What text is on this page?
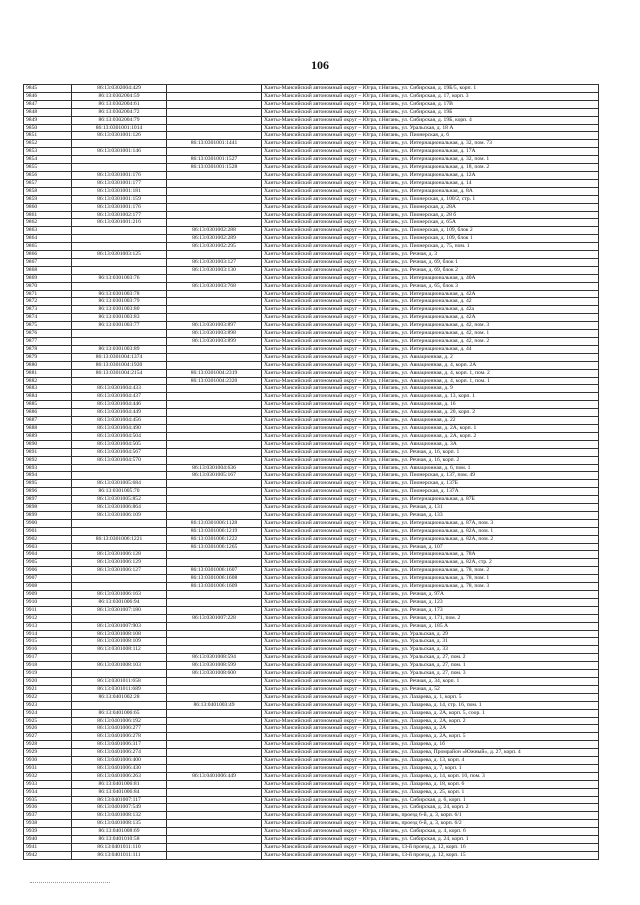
106
9845	86:13:0302004:429		Ханты-Мансийский автономный округ – Югра, г.Нягань, ул. Сибирская, д. 19Б/5, корп. 1
9846	86:13:0302004:59		Ханты-Мансийский автономный округ – Югра, г.Нягань, ул. Сибирская, д. 17, корп. 3
9847	86:13:0302004:61		Ханты-Мансийский автономный округ – Югра, г.Нягань, ул. Сибирская, д. 17В
9848	86:13:0302004:72		Ханты-Мансийский автономный округ – Югра, г.Нягань, ул. Сибирская, д. 19Б
9849	86:13:0302004:79		Ханты-Мансийский автономный округ – Югра, г.Нягань, ул. Сибирская, д. 19Б, корп. 4
9850	86:13:0301001:1014		Ханты-Мансийский автономный округ – Югра, г.Нягань, ул. Уральская, д. 18 А
9851	86:13:0301001:126		Ханты-Мансийский автономный округ – Югра, г.Нягань, ул. Пионерская, д. 6
9852		86:13:0301001:1441	Ханты-Мансийский автономный округ – Югра, г.Нягань, ул. Интернациональная, д. 32, пом. 73
9853	86:13:0301001:146		Ханты-Мансийский автономный округ – Югра, г.Нягань, ул. Интернациональная, д. 17А
9854		86:13:0301001:1527	Ханты-Мансийский автономный округ – Югра, г.Нягань, ул. Интернациональная, д. 32, пом. 1
9855		86:13:0301001:1528	Ханты-Мансийский автономный округ – Югра, г.Нягань, ул. Интернациональная, д. 18, пом. 2
9856	86:13:0301001:176		Ханты-Мансийский автономный округ – Югра, г.Нягань, ул. Интернациональная, д. 12А
9857	86:13:0301001:177		Ханты-Мансийский автономный округ – Югра, г.Нягань, ул. Интернациональная, д. 14
9858	86:13:0301001:181		Ханты-Мансийский автономный округ – Югра, г.Нягань, ул. Интернациональная, д. 8А
9859	86:13:0301001:159		Ханты-Мансийский автономный округ – Югра, г.Нягань, ул. Пионерская, д. 100/2, стр. 1
9860	86:13:0301001:176		Ханты-Мансийский автономный округ – Югра, г.Нягань, ул. Пионерская, д. 28А
9861	86:13:0301002:177		Ханты-Мансийский автономный округ – Югра, г.Нягань, ул. Пионерская, д. 28 б
9862	86:13:0301001:216		Ханты-Мансийский автономный округ – Югра, г.Нягань, ул. Пионерская, д. 65А
9863		86:13:0301002:288	Ханты-Мансийский автономный округ – Югра, г.Нягань, ул. Пионерская, д. 109, блок 2
9864		86:13:0301002:289	Ханты-Мансийский автономный округ – Югра, г.Нягань, ул. Пионерская, д. 109, блок 1
9865		86:13:0301002:295	Ханты-Мансийский автономный округ – Югра, г.Нягань, ул. Пионерская, д. 75, пом. 1
9866	86:13:0301003:125		Ханты-Мансийский автономный округ – Югра, г.Нягань, ул. Речная, д. 3
9867		86:13:0301003:127	Ханты-Мансийский автономный округ – Югра, г.Нягань, ул. Речная, д. 69, блок 1
9868		86:13:0301003:130	Ханты-Мансийский автономный округ – Югра, г.Нягань, ул. Речная, д. 69, блок 2
9869	86:13:0301003:76		Ханты-Мансийский автономный округ – Югра, г.Нягань, ул. Интернациональная, д. 40А
9870		86:13:0301003:768	Ханты-Мансийский автономный округ – Югра, г.Нягань, ул. Речная, д. 65, блок 3
9871	86:13:0301003:78		Ханты-Мансийский автономный округ – Югра, г.Нягань, ул. Интернациональная, д. 42А
9872	86:13:0301003:79		Ханты-Мансийский автономный округ – Югра, г.Нягань, ул. Интернациональная, д. 42
9873	86:13:0301003:80		Ханты-Мансийский автономный округ – Югра, г.Нягань, ул. Интернациональная, д. 42а
9874	86:13:0301003:83		Ханты-Мансийский автономный округ – Югра, г.Нягань, ул. Интернациональная, д. 42А
9875	86:13:0301003:77	86:13:0301003:897	Ханты-Мансийский автономный округ – Югра, г.Нягань, ул. Интернациональная, д. 42, пом. 3
9876		86:13:0301003:898	Ханты-Мансийский автономный округ – Югра, г.Нягань, ул. Интернациональная, д. 42, пом. 1
9877		86:13:0301003:899	Ханты-Мансийский автономный округ – Югра, г.Нягань, ул. Интернациональная, д. 42, пом. 2
9878	86:13:0301003:89		Ханты-Мансийский автономный округ – Югра, г.Нягань, ул. Интернациональная, д. 44
9879	86:13:0301004:1374		Ханты-Мансийский автономный округ – Югра, г.Нягань, ул. Авиационная, д. 2
9880	86:13:0301004:1920		Ханты-Мансийский автономный округ – Югра, г.Нягань, ул. Авиационная, д. 4, корп. 2А
9881	86:13:0301004:2154	86:13:0301004:2319	Ханты-Мансийский автономный округ – Югра, г.Нягань, ул. Авиационная, д. 4, корп. 1, пом. 2
9882		86:13:0301004:2320	Ханты-Мансийский автономный округ – Югра, г.Нягань, ул. Авиационная, д. 4, корп. 1, пом. 1
9883	86:13:0301004:433		Ханты-Мансийский автономный округ – Югра, г.Нягань, ул. Авиационная, д. 9
9884	86:13:0301004:437		Ханты-Мансийский автономный округ – Югра, г.Нягань, ул. Авиационная, д. 13, корп. 1
9885	86:13:0301004:446		Ханты-Мансийский автономный округ – Югра, г.Нягань, ул. Авиационная, д. 16
9886	86:13:0301004:449		Ханты-Мансийский автономный округ – Югра, г.Нягань, ул. Авиационная, д. 20, корп. 2
9887	86:13:0301004:456		Ханты-Мансийский автономный округ – Югра, г.Нягань, ул. Авиационная, д. 22
9888	86:13:0301004:490		Ханты-Мансийский автономный округ – Югра, г.Нягань, ул. Авиационная, д. 2А, корп. 1
9889	86:13:0301004:504		Ханты-Мансийский автономный округ – Югра, г.Нягань, ул. Авиационная, д. 2А, корп. 2
9890	86:13:0301004:505		Ханты-Мансийский автономный округ – Югра, г.Нягань, ул. Авиационная, д. 3А
9891	86:13:0301004:567		Ханты-Мансийский автономный округ – Югра, г.Нягань, ул. Речная, д. 16, корп. 1
9892	86:13:0301004:570		Ханты-Мансийский автономный округ – Югра, г.Нягань, ул. Речная, д. 16, корп. 2
9893		86:13:0301004:636	Ханты-Мансийский автономный округ – Югра, г.Нягань, ул. Авиационная, д. 6, пом. 1
9894		86:13:0301005:167	Ханты-Мансийский автономный округ – Югра, г.Нягань, ул. Пионерская, д. 137, пом. 49
9895	86:13:0301005:684		Ханты-Мансийский автономный округ – Югра, г.Нягань, ул. Пионерская, д. 137Б
9896	86:13:0301005:70		Ханты-Мансийский автономный округ – Югра, г.Нягань, ул. Пионерская, д. 137А
9897	86:13:0301005:852		Ханты-Мансийский автономный округ – Югра, г.Нягань, ул. Интернациональная, д. 87Б
9898	86:13:0301006:864		Ханты-Мансийский автономный округ – Югра, г.Нягань, ул. Речная, д. 131
9899	86:13:0301006:109		Ханты-Мансийский автономный округ – Югра, г.Нягань, ул. Речная, д. 133
9900		86:13:0301006:1128	Ханты-Мансийский автономный округ – Югра, г.Нягань, ул. Интернациональная, д. 87А, пом. 3
9901		86:13:0301006:1219	Ханты-Мансийский автономный округ – Югра, г.Нягань, ул. Интернациональная, д. 82А, пом. 1
9902	86:13:0301006:1221	86:13:0301006:1222	Ханты-Мансийский автономный округ – Югра, г.Нягань, ул. Интернациональная, д. 82А, пом. 2
9903		86:13:0301006:1265	Ханты-Мансийский автономный округ – Югра, г.Нягань, ул. Речная, д. 107
9904	86:13:0301006:128		Ханты-Мансийский автономный округ – Югра, г.Нягань, ул. Интернациональная, д. 78А
9905	86:13:0301006:129		Ханты-Мансийский автономный округ – Югра, г.Нягань, ул. Интернациональная, д. 82А, стр. 2
9906	86:13:0301006:127	86:13:0301006:1607	Ханты-Мансийский автономный округ – Югра, г.Нягань, ул. Интернациональная, д. 78, пом. 2
9907		86:13:0301006:1608	Ханты-Мансийский автономный округ – Югра, г.Нягань, ул. Интернациональная, д. 78, пом. 1
9908		86:13:0301006:1609	Ханты-Мансийский автономный округ – Югра, г.Нягань, ул. Интернациональная, д. 78, пом. 3
9909	86:13:0301006:163		Ханты-Мансийский автономный округ – Югра, г.Нягань, ул. Речная, д. 97А
9910	86:13:0301006:94		Ханты-Мансийский автономный округ – Югра, г.Нягань, ул. Речная, д. 123
9911	86:13:0301007:180		Ханты-Мансийский автономный округ – Югра, г.Нягань, ул. Речная, д. 173
9912		86:13:0301007:228	Ханты-Мансийский автономный округ – Югра, г.Нягань, ул. Речная, д. 171, пом. 2
9913	86:13:0301007:903		Ханты-Мансийский автономный округ – Югра, г.Нягань, ул. Речная, д. 185 А
9914	86:13:0301008:108		Ханты-Мансийский автономный округ – Югра, г.Нягань, ул. Уральская, д. 29
9915	86:13:0301008:109		Ханты-Мансийский автономный округ – Югра, г.Нягань, ул. Уральская, д. 31
9916	86:13:0301008:112		Ханты-Мансийский автономный округ – Югра, г.Нягань, ул. Уральская, д. 33
9917		86:13:0301008:594	Ханты-Мансийский автономный округ – Югра, г.Нягань, ул. Уральская, д. 27, пом. 2
9918	86:13:0301008:103	86:13:0301008:599	Ханты-Мансийский автономный округ – Югра, г.Нягань, ул. Уральская, д. 27, пом. 1
9919		86:13:0301008:600	Ханты-Мансийский автономный округ – Югра, г.Нягань, ул. Уральская, д. 27, пом. 3
9920	86:13:0301011:658		Ханты-Мансийский автономный округ – Югра, г.Нягань, ул. Речная, д. 34, корп. 1
9921	86:13:0301011:689		Ханты-Мансийский автономный округ – Югра, г.Нягань, ул. Речная, д. 52
9922	86:13:0401002:28		Ханты-Мансийский автономный округ – Югра, г.Нягань, ул. Лазарева, д. 1, корп. 5
9923		86:13:0401003:49	Ханты-Мансийский автономный округ – Югра, г.Нягань, ул. Лазарева, д. 14, стр. 16, пом. 1
9924	86:13:0401006:65		Ханты-Мансийский автономный округ – Югра, г.Нягань, ул. Лазарева, д. 2А, корп. 5, соор. 1
9925	86:13:0401006:192		Ханты-Мансийский автономный округ – Югра, г.Нягань, ул. Лазарева, д. 2А, корп. 2
9926	86:13:0401006:277		Ханты-Мансийский автономный округ – Югра, г.Нягань, ул. Лазарева, д. 2А
9927	86:13:0401006:278		Ханты-Мансийский автономный округ – Югра, г.Нягань, ул. Лазарева, д. 2А, корп. 5
9928	86:13:0401006:317		Ханты-Мансийский автономный округ – Югра, г.Нягань, ул. Лазарева, д. 1б
9929	86:13:0401006:274		Ханты-Мансийский автономный округ – Югра, г.Нягань, ул. Лазарева, Промрайон «Южный», д. 27, корп. 4
9930	86:13:0401006:400		Ханты-Мансийский автономный округ – Югра, г.Нягань, ул. Лазарева, д. 13, корп. 4
9931	86:13:0401006:430		Ханты-Мансийский автономный округ – Югра, г.Нягань, ул. Лазарева, д. 7, корп. 1
9932	86:13:0401006:263	86:13:0401006:449	Ханты-Мансийский автономный округ – Югра, г.Нягань, ул. Лазарева, д. 14, корп. 10, пом. 3
9933	86:13:0401006:81		Ханты-Мансийский автономный округ – Югра, г.Нягань, ул. Лазарева, д. 18, корп. 6
9934	86:13:0401006:84		Ханты-Мансийский автономный округ – Югра, г.Нягань, ул. Лазарева, д. 25, корп. 1
9935	86:13:0401007:117		Ханты-Мансийский автономный округ – Югра, г.Нягань, ул. Сибирская, д. 6, корп. 1
9936	86:13:0401007:549		Ханты-Мансийский автономный округ – Югра, г.Нягань, ул. Сибирская, д. 24, корп. 2
9937	86:13:0401008:132		Ханты-Мансийский автономный округ – Югра, г.Нягань, проезд 6-й, д. 3, корп. 6/1
9938	86:13:0401008:135		Ханты-Мансийский автономный округ – Югра, г.Нягань, проезд 6-й, д. 3, корп. 6/2
9939	86:13:0401008:69		Ханты-Мансийский автономный округ – Югра, г.Нягань, ул. Сибирская, д. 4, корп. 6
9940	86:13:0401010:58		Ханты-Мансийский автономный округ – Югра, г.Нягань, ул. Сибирская, д. 24, корп. 1
9941	86:13:0401011:110		Ханты-Мансийский автономный округ – Югра, г.Нягань, 13-й проезд, д. 12, корп. 16
9942	86:13:0401011:111		Ханты-Мансийский автономный округ – Югра, г.Нягань, 13-й проезд, д. 12, корп. 15
